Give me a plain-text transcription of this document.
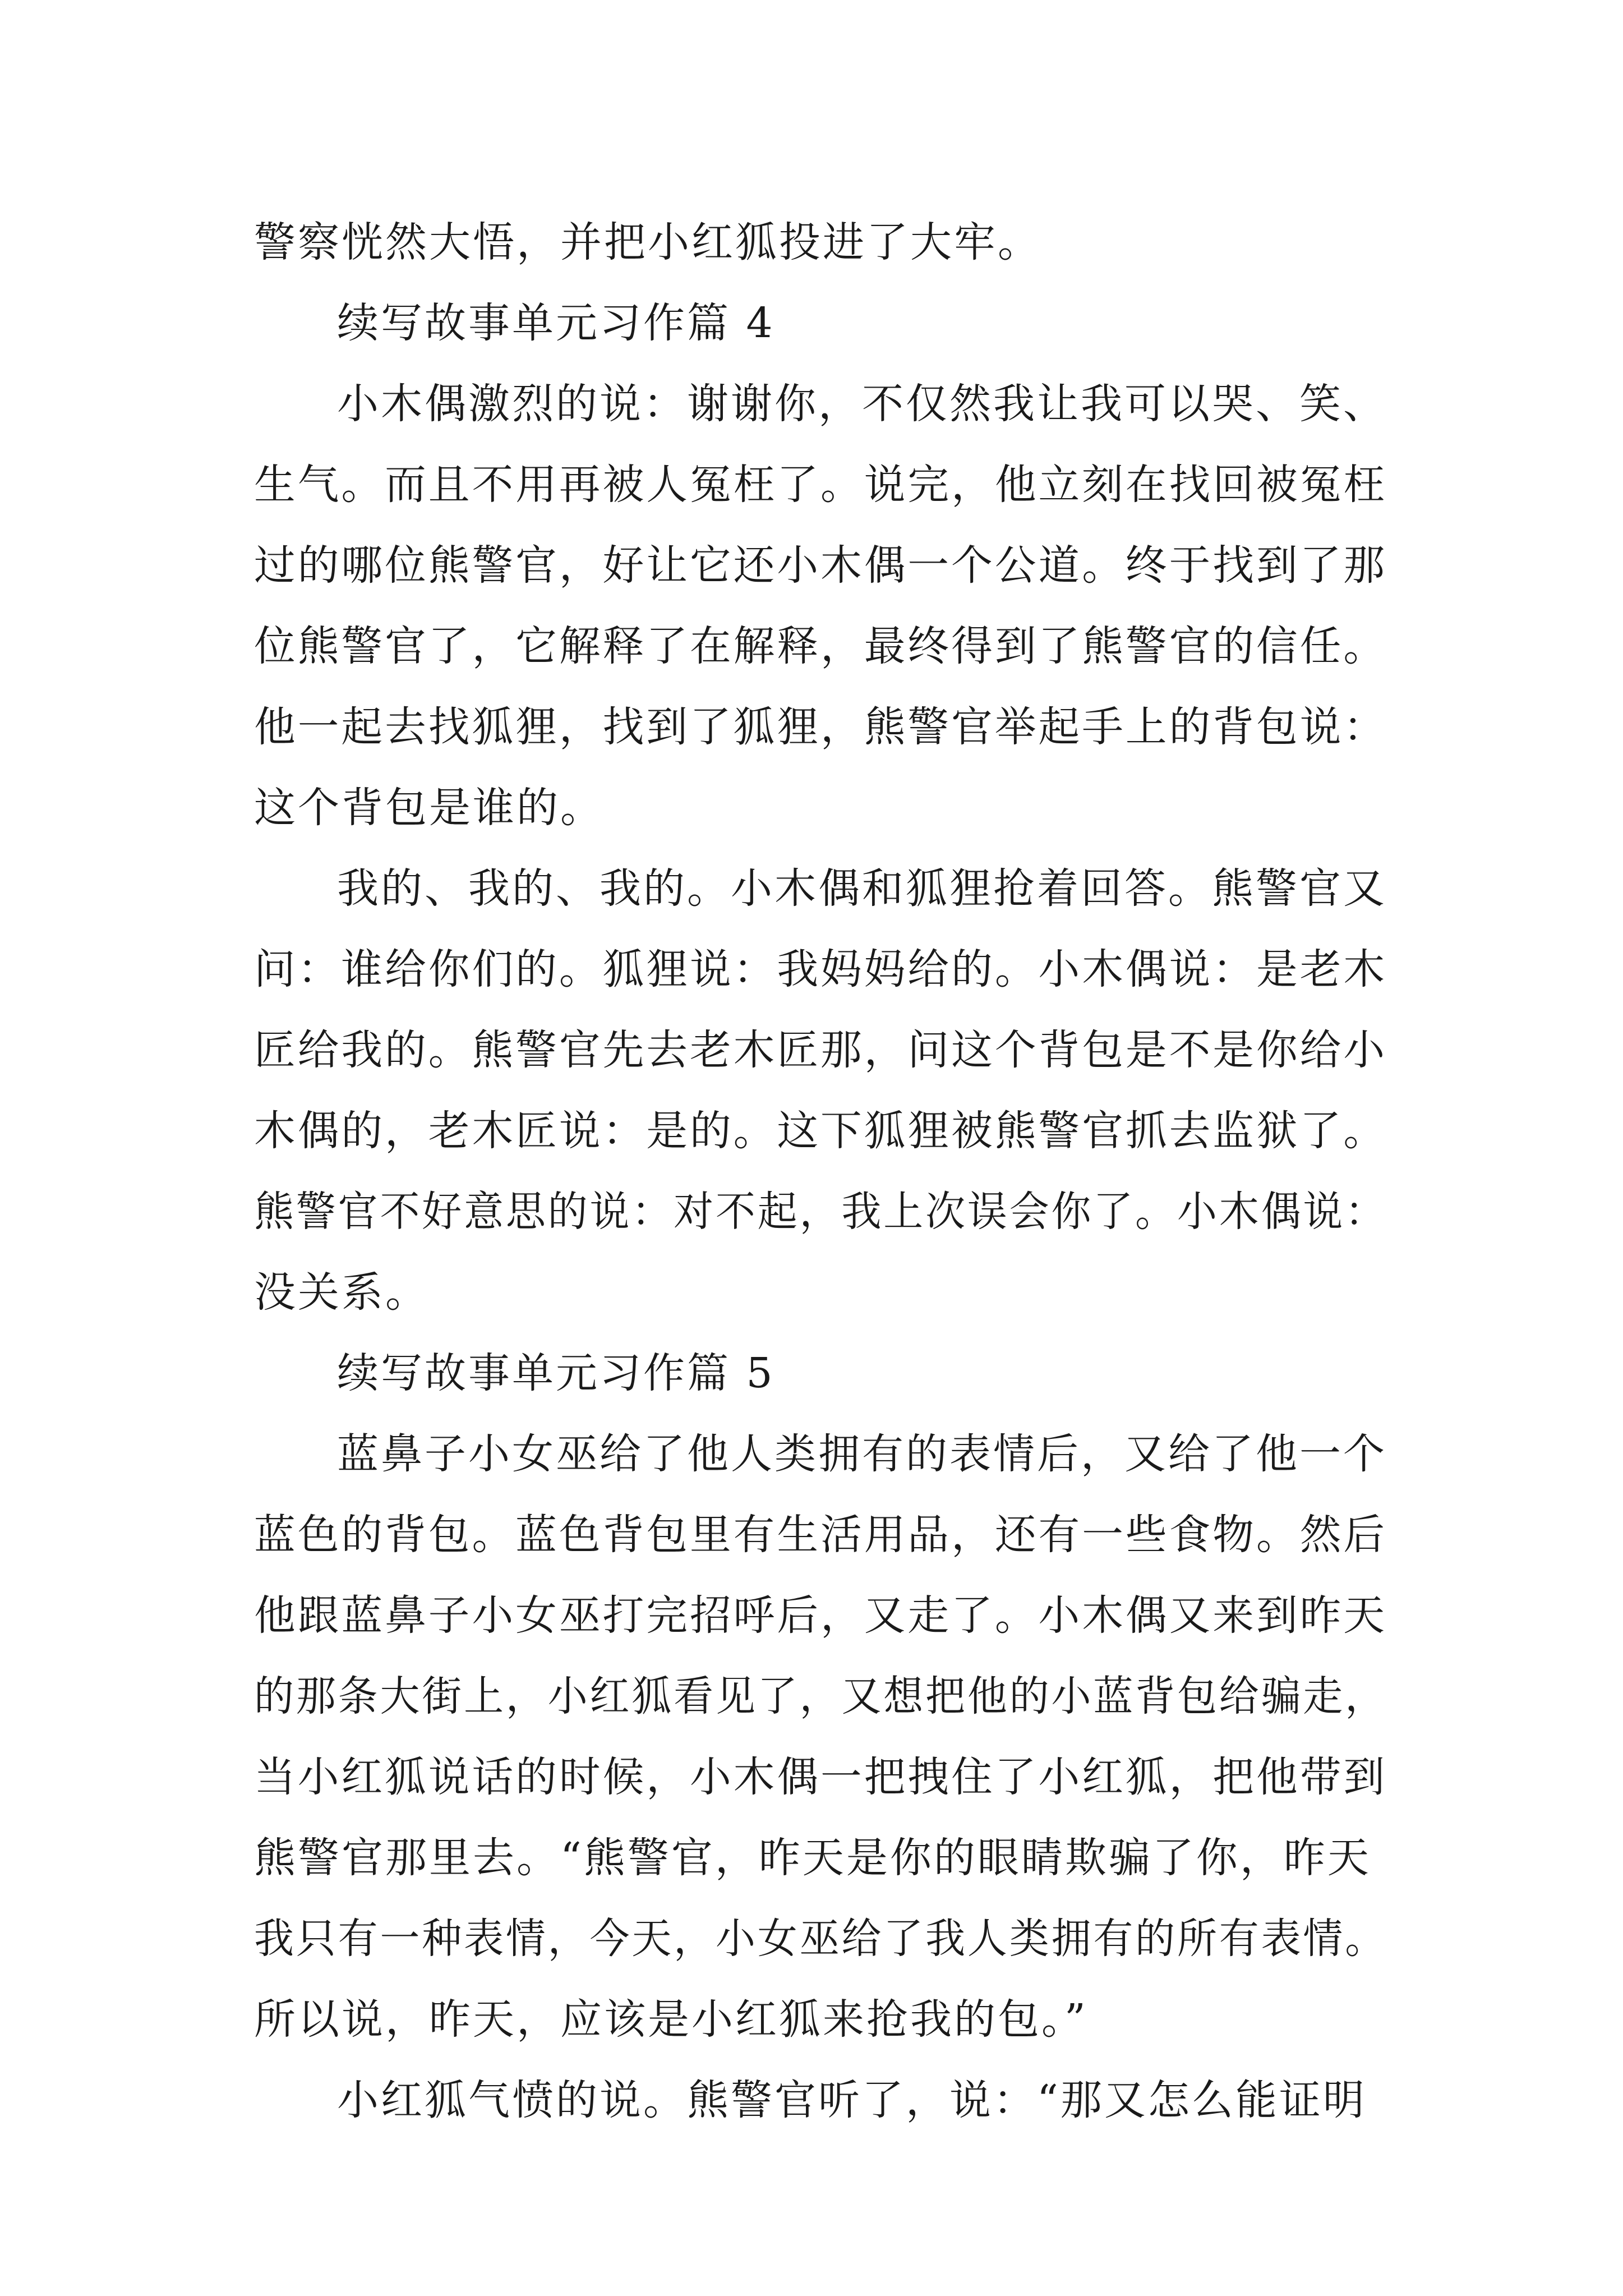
警察恍然大悟，并把小红狐投进了大牢。
续写故事单元习作篇 4
小木偶激烈的说：谢谢你，不仅然我让我可以哭、笑、
生气。而且不用再被人冤枉了。说完，他立刻在找回被冤枉
过的哪位熊警官，好让它还小木偶一个公道。终于找到了那
位熊警官了，它解释了在解释，最终得到了熊警官的信任。
他一起去找狐狸，找到了狐狸，熊警官举起手上的背包说：
这个背包是谁的。
我的、我的、我的。小木偶和狐狸抢着回答。熊警官又
问：谁给你们的。狐狸说：我妈妈给的。小木偶说：是老木
匠给我的。熊警官先去老木匠那，问这个背包是不是你给小
木偶的，老木匠说：是的。这下狐狸被熊警官抓去监狱了。
熊警官不好意思的说：对不起，我上次误会你了。小木偶说：
没关系。
续写故事单元习作篇 5
蓝鼻子小女巫给了他人类拥有的表情后，又给了他一个
蓝色的背包。蓝色背包里有生活用品，还有一些食物。然后
他跟蓝鼻子小女巫打完招呼后，又走了。小木偶又来到昨天
的那条大街上，小红狐看见了，又想把他的小蓝背包给骗走，
当小红狐说话的时候，小木偶一把拽住了小红狐，把他带到
熊警官那里去。“熊警官，昨天是你的眼睛欺骗了你，昨天
我只有一种表情，今天，小女巫给了我人类拥有的所有表情。
所以说，昨天，应该是小红狐来抢我的包。”
小红狐气愤的说。熊警官听了，说：“那又怎么能证明
